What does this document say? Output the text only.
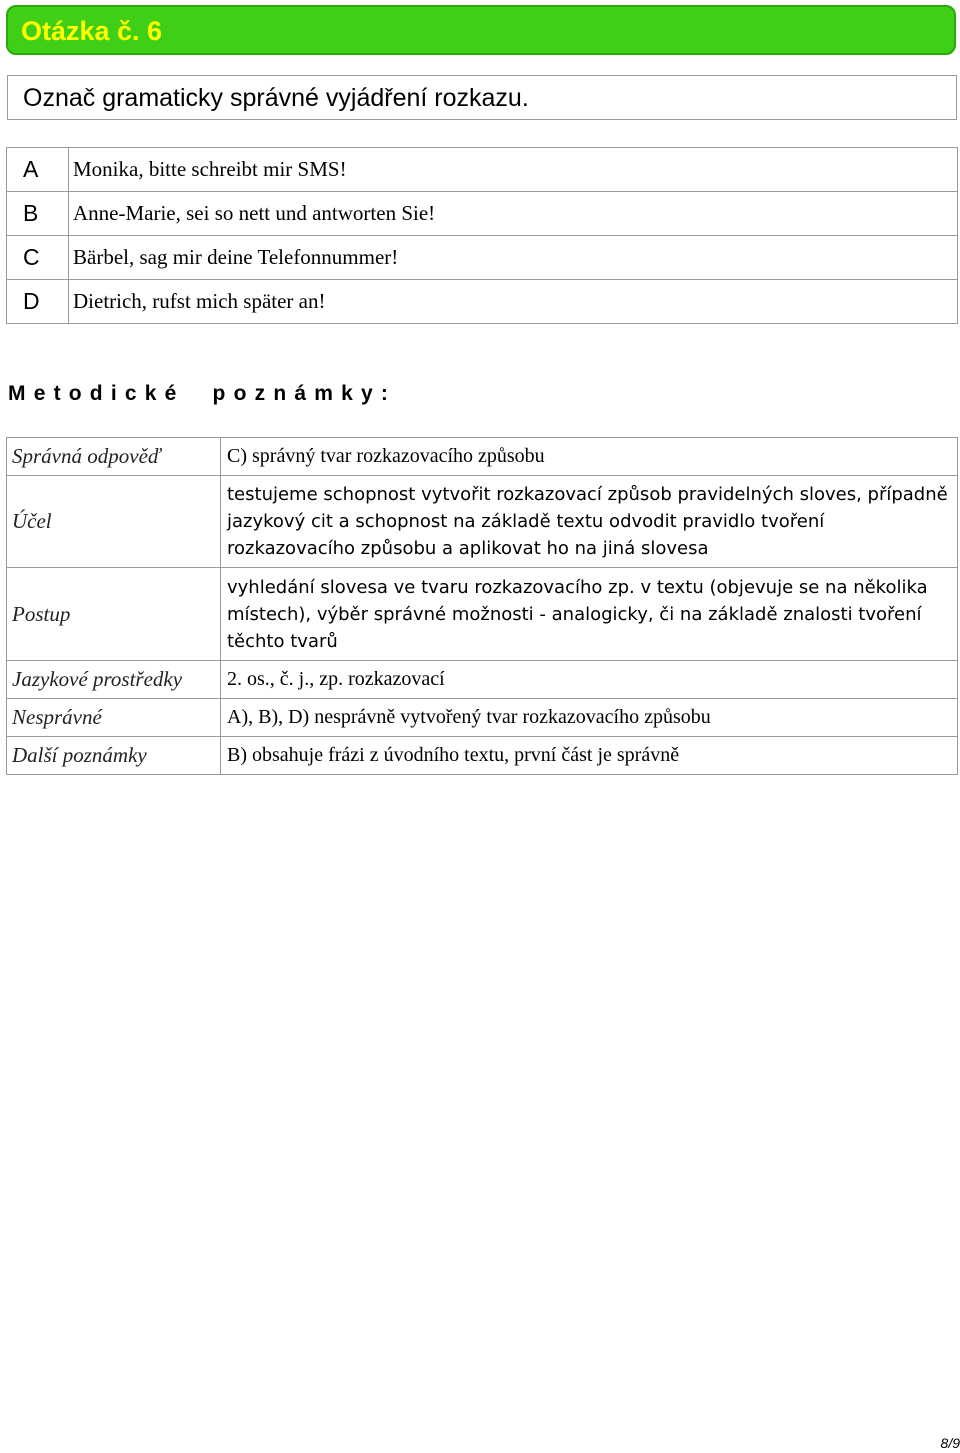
Otázka č. 6
Označ gramaticky správné vyjádření rozkazu.
A	Monika, bitte schreibt mir SMS!
B	Anne-Marie, sei so nett und antworten Sie!
C	Bärbel, sag mir deine Telefonnummer!
D	Dietrich, rufst mich später an!
Metodické  poznámky:
Správná odpověď	C) správný tvar rozkazovacího způsobu
Účel	testujeme schopnost vytvořit rozkazovací způsob pravidelných sloves, případně jazykový cit a schopnost na základě textu odvodit pravidlo tvoření rozkazovacího způsobu a aplikovat ho na jiná slovesa
Postup	vyhledání slovesa ve tvaru rozkazovacího zp. v textu (objevuje se na několika místech), výběr správné možnosti - analogicky, či na základě znalosti tvoření těchto tvarů
Jazykové prostředky	2. os., č. j., zp. rozkazovací
Nesprávné	A), B), D) nesprávně vytvořený tvar rozkazovacího způsobu
Další poznámky	B) obsahuje frázi z úvodního textu, první část je správně
8/9
